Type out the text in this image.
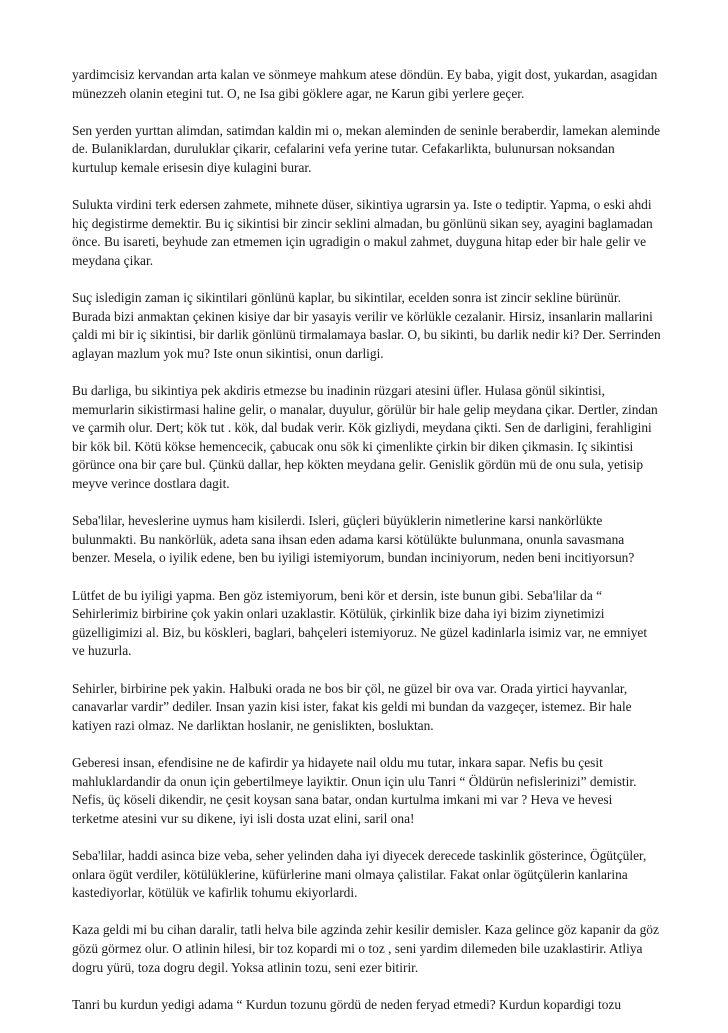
yardimcisiz kervandan arta kalan ve sönmeye mahkum atese döndün. Ey baba, yigit dost, yukardan, asagidan münezzeh olanin etegini tut. O, ne Isa gibi göklere agar, ne Karun gibi yerlere geçer.

Sen yerden yurttan alimdan, satimdan kaldin mi o, mekan aleminden de seninle beraberdir, lamekan aleminde de. Bulaniklardan, duruluklar çikarir, cefalarini vefa yerine tutar. Cefakarlikta, bulunursan noksandan kurtulup kemale erisesin diye kulagini burar.

Sulukta virdini terk edersen zahmete, mihnete düser, sikintiya ugrarsin ya. Iste o tediptir. Yapma, o eski ahdi hiç degistirme demektir. Bu iç sikintisi bir zincir seklini almadan, bu gönlünü sikan sey, ayagini baglamadan önce. Bu isareti, beyhude zan etmemen için ugradigin o makul zahmet, duyguna hitap eder bir hale gelir ve meydana çikar.

Suç isledigin zaman iç sikintilari gönlünü kaplar, bu sikintilar, ecelden sonra ist zincir sekline bürünür. Burada bizi anmaktan çekinen kisiye dar bir yasayis verilir ve körlükle cezalanir. Hirsiz, insanlarin mallarini çaldi mi bir iç sikintisi, bir darlik gönlünü tirmalamaya baslar. O, bu sikinti, bu darlik nedir ki? Der. Serrinden aglayan mazlum yok mu? Iste onun sikintisi, onun darligi.

Bu darliga, bu sikintiya pek akdiris etmezse bu inadinin rüzgari atesini üfler. Hulasa gönül sikintisi, memurlarin sikistirmasi haline gelir, o manalar, duyulur, görülür bir hale gelip meydana çikar. Dertler, zindan ve çarmih olur. Dert; kök tut . kök, dal budak verir. Kök gizliydi, meydana çikti. Sen de darligini, ferahligini bir kök bil. Kötü kökse hemencecik, çabucak onu sök ki çimenlikte çirkin bir diken çikmasin. Iç sikintisi görünce ona bir çare bul. Çünkü dallar, hep kökten meydana gelir. Genislik gördün mü de onu sula, yetisip meyve verince dostlara dagit.

Seba'lilar, heveslerine uymus ham kisilerdi. Isleri, güçleri büyüklerin nimetlerine karsi nankörlükte bulunmakti. Bu nankörlük, adeta sana ihsan eden adama karsi kötülükte bulunmana, onunla savasmana benzer. Mesela, o iyilik edene, ben bu iyiligi istemiyorum, bundan inciniyorum, neden beni incitiyorsun?

Lütfet de bu iyiligi yapma. Ben göz istemiyorum, beni kör et dersin, iste bunun gibi. Seba'lilar da “ Sehirlerimiz birbirine çok yakin onlari uzaklastir. Kötülük, çirkinlik bize daha iyi bizim ziynetimizi güzelligimizi al. Biz, bu köskleri, baglari, bahçeleri istemiyoruz. Ne güzel kadinlarla isimiz var, ne emniyet ve huzurla.

Sehirler, birbirine pek yakin. Halbuki orada ne bos bir çöl, ne güzel bir ova var. Orada yirtici hayvanlar, canavarlar vardir” dediler. Insan yazin kisi ister, fakat kis geldi mi bundan da vazgeçer, istemez. Bir hale katiyen razi olmaz. Ne darliktan hoslanir, ne genislikten, bosluktan.

Geberesi insan, efendisine ne de kafirdir ya hidayete nail oldu mu tutar, inkara sapar. Nefis bu çesit mahluklardandir da onun için gebertilmeye layiktir. Onun için ulu Tanri “ Öldürün nefislerinizi” demistir. Nefis, üç köseli dikendir, ne çesit koysan sana batar, ondan kurtulma imkani mi var ? Heva ve hevesi terketme atesini vur su dikene, iyi isli dosta uzat elini, saril ona!

Seba'lilar, haddi asinca bize veba, seher yelinden daha iyi diyecek derecede taskinlik gösterince, Ögütçüler, onlara ögüt verdiler, kötülüklerine, küfürlerine mani olmaya çalistilar. Fakat onlar ögütçülerin kanlarina kastediyorlar, kötülük ve kafirlik tohumu ekiyorlardi.

Kaza geldi mi bu cihan daralir, tatli helva bile agzinda zehir kesilir demisler. Kaza gelince göz kapanir da göz gözü görmez olur. O atlinin hilesi, bir toz kopardi mi o toz , seni yardim dilemeden bile uzaklastirir. Atliya dogru yürü, toza dogru degil. Yoksa atlinin tozu, seni ezer bitirir.

Tanri bu kurdun yedigi adama “ Kurdun tozunu gördü de neden feryad etmedi? Kurdun kopardigi tozu
